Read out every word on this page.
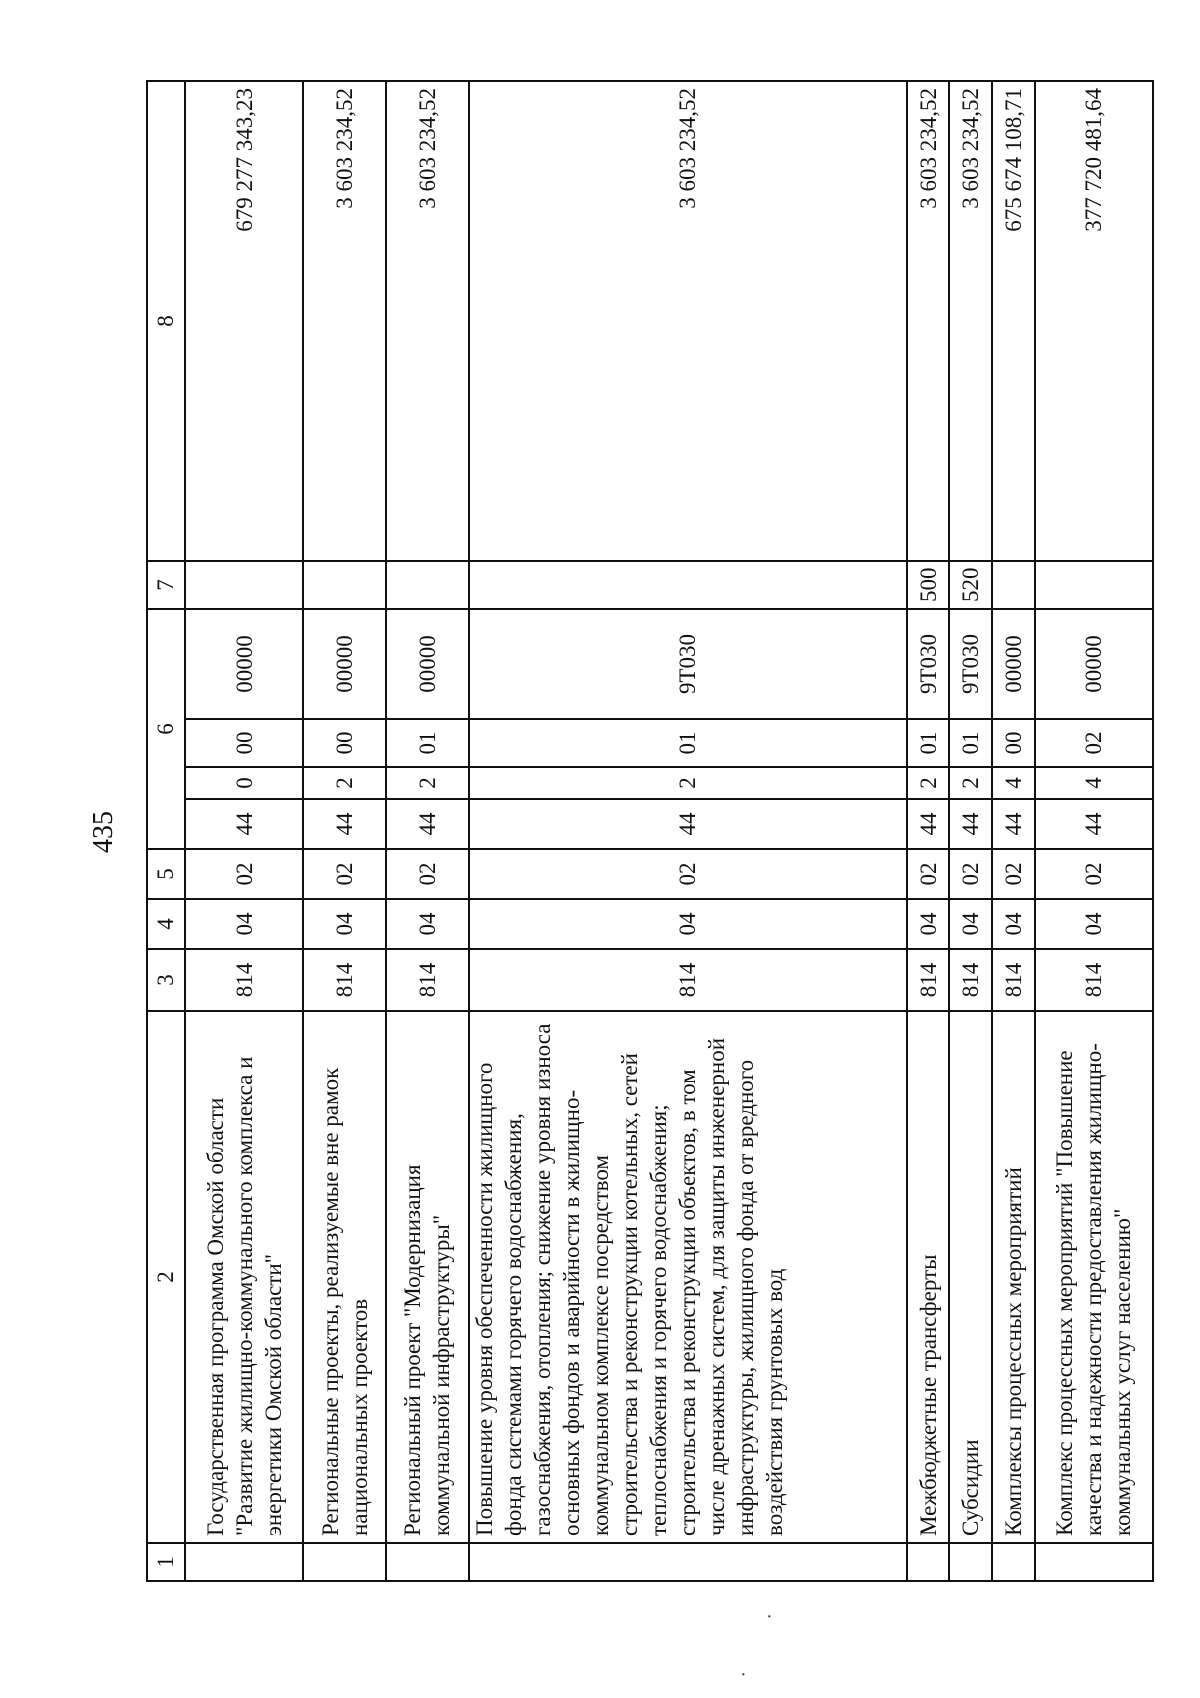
435
1	2	3	4	5	6				7	8
	Государственная программа Омской области "Развитие жилищно-коммунального комплекса и энергетики Омской области"	814	04	02	44	0	00	00000		679 277 343,23
	Региональные проекты, реализуемые вне рамок национальных проектов	814	04	02	44	2	00	00000		3 603 234,52
	Региональный проект "Модернизация коммунальной инфраструктуры"	814	04	02	44	2	01	00000		3 603 234,52
	Повышение уровня обеспеченности жилищного фонда системами горячего водоснабжения, газоснабжения, отопления; снижение уровня износа основных фондов и аварийности в жилищно-коммунальном комплексе посредством строительства и реконструкции котельных, сетей теплоснабжения и горячего водоснабжения; строительства и реконструкции объектов, в том числе дренажных систем, для защиты инженерной инфраструктуры, жилищного фонда от вредного воздействия грунтовых вод	814	04	02	44	2	01	9Т030		3 603 234,52
	Межбюджетные трансферты	814	04	02	44	2	01	9Т030	500	3 603 234,52
	Субсидии	814	04	02	44	2	01	9Т030	520	3 603 234,52
	Комплексы процессных мероприятий	814	04	02	44	4	00	00000		675 674 108,71
	Комплекс процессных мероприятий "Повышение качества и надежности предоставления жилищно-коммунальных услуг населению"	814	04	02	44	4	02	00000		377 720 481,64
·
·
